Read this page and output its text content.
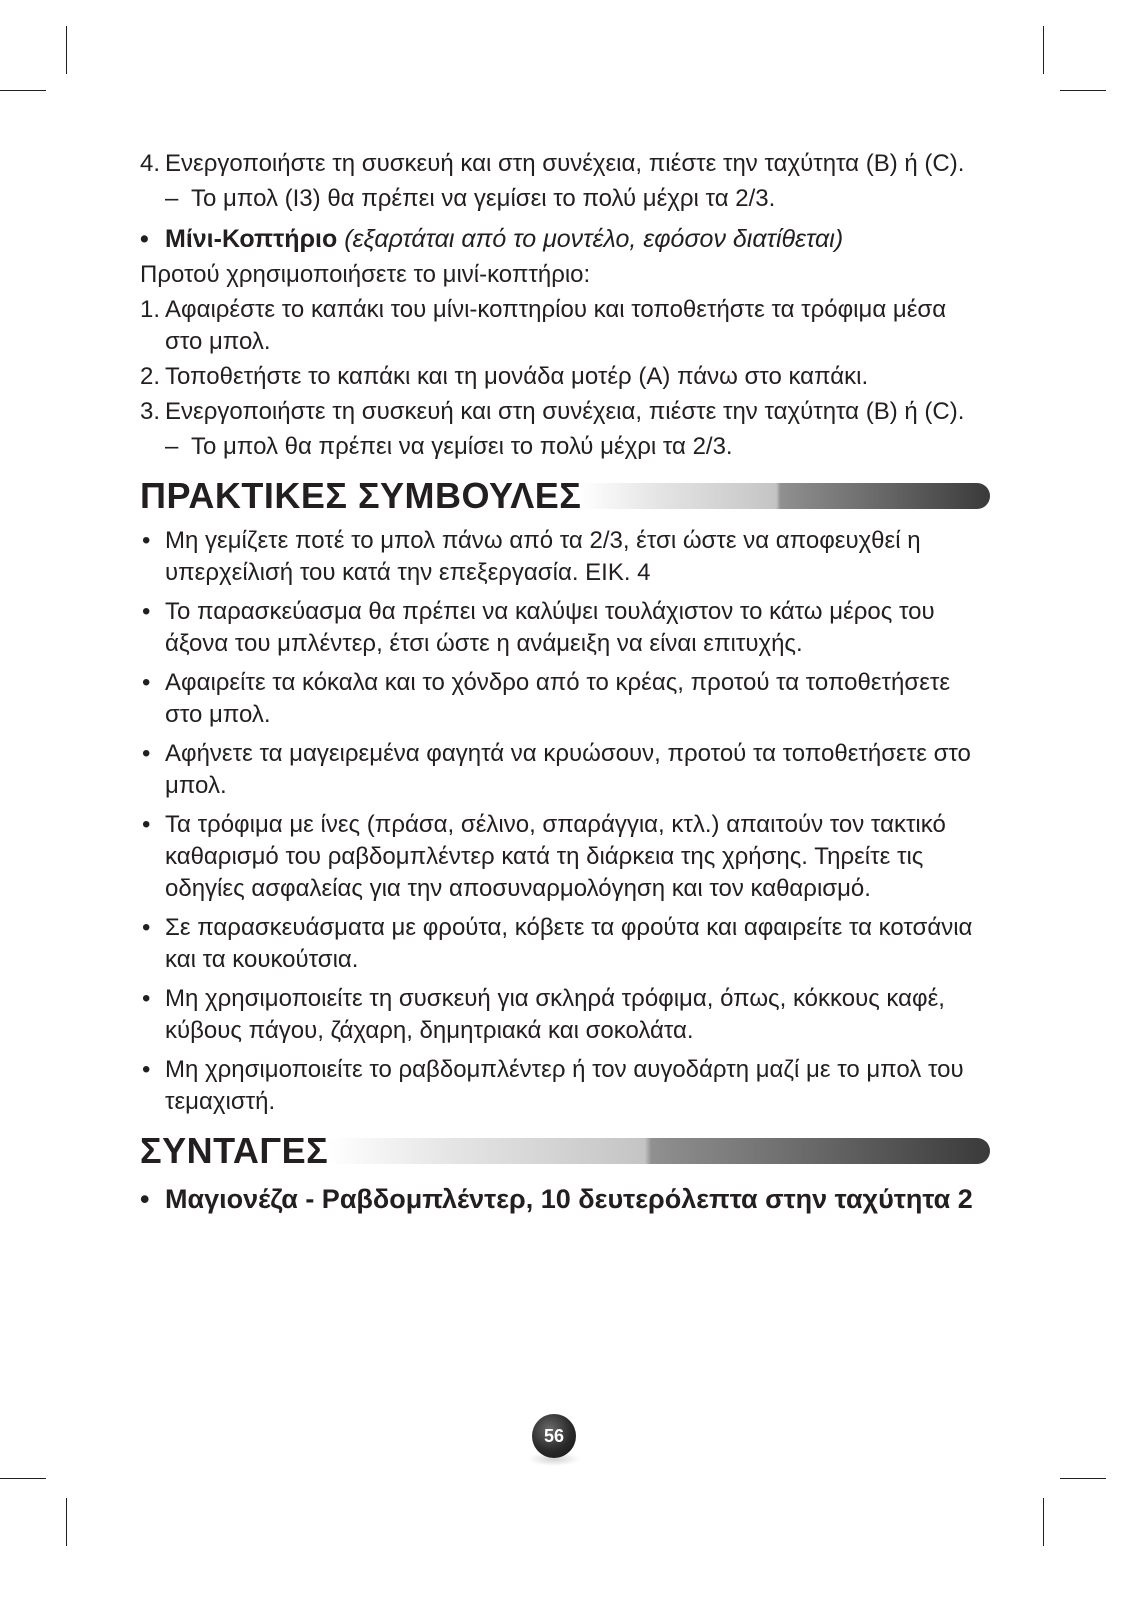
4. Ενεργοποιήστε τη συσκευή και στη συνέχεια, πιέστε την ταχύτητα (B) ή (C).
– Το μπολ (I3) θα πρέπει να γεμίσει το πολύ μέχρι τα 2/3.
• Μίνι-Κοπτήριο (εξαρτάται από το μοντέλο, εφόσον διατίθεται)

Προτού χρησιμοποιήσετε το μινί-κοπτήριο:

1. Αφαιρέστε το καπάκι του μίνι-κοπτηρίου και τοποθετήστε τα τρόφιμα μέσα στο μπολ.
2. Τοποθετήστε το καπάκι και τη μονάδα μοτέρ (A) πάνω στο καπάκι.
3. Ενεργοποιήστε τη συσκευή και στη συνέχεια, πιέστε την ταχύτητα (B) ή (C).
– Το μπολ θα πρέπει να γεμίσει το πολύ μέχρι τα 2/3.
ΠΡΑΚΤΙΚΕΣ ΣΥΜΒΟΥΛΕΣ
• Μη γεμίζετε ποτέ το μπολ πάνω από τα 2/3, έτσι ώστε να αποφευχθεί η υπερχείλισή του κατά την επεξεργασία. ΕΙΚ. 4
• Το παρασκεύασμα θα πρέπει να καλύψει τουλάχιστον το κάτω μέρος του άξονα του μπλέντερ, έτσι ώστε η ανάμειξη να είναι επιτυχής.
• Αφαιρείτε τα κόκαλα και το χόνδρο από το κρέας, προτού τα τοποθετήσετε στο μπολ.
• Αφήνετε τα μαγειρεμένα φαγητά να κρυώσουν, προτού τα τοποθετήσετε στο μπολ.
• Τα τρόφιμα με ίνες (πράσα, σέλινο, σπαράγγια, κτλ.) απαιτούν τον τακτικό καθαρισμό του ραβδομπλέντερ κατά τη διάρκεια της χρήσης. Τηρείτε τις οδηγίες ασφαλείας για την αποσυναρμολόγηση και τον καθαρισμό.
• Σε παρασκευάσματα με φρούτα, κόβετε τα φρούτα και αφαιρείτε τα κοτσάνια και τα κουκούτσια.
• Μη χρησιμοποιείτε τη συσκευή για σκληρά τρόφιμα, όπως, κόκκους καφέ, κύβους πάγου, ζάχαρη, δημητριακά και σοκολάτα.
• Μη χρησιμοποιείτε το ραβδομπλέντερ ή τον αυγοδάρτη μαζί με το μπολ του τεμαχιστή.
ΣΥΝΤΑΓΕΣ
• Μαγιονέζα - Ραβδομπλέντερ, 10 δευτερόλεπτα στην ταχύτητα 2
56
